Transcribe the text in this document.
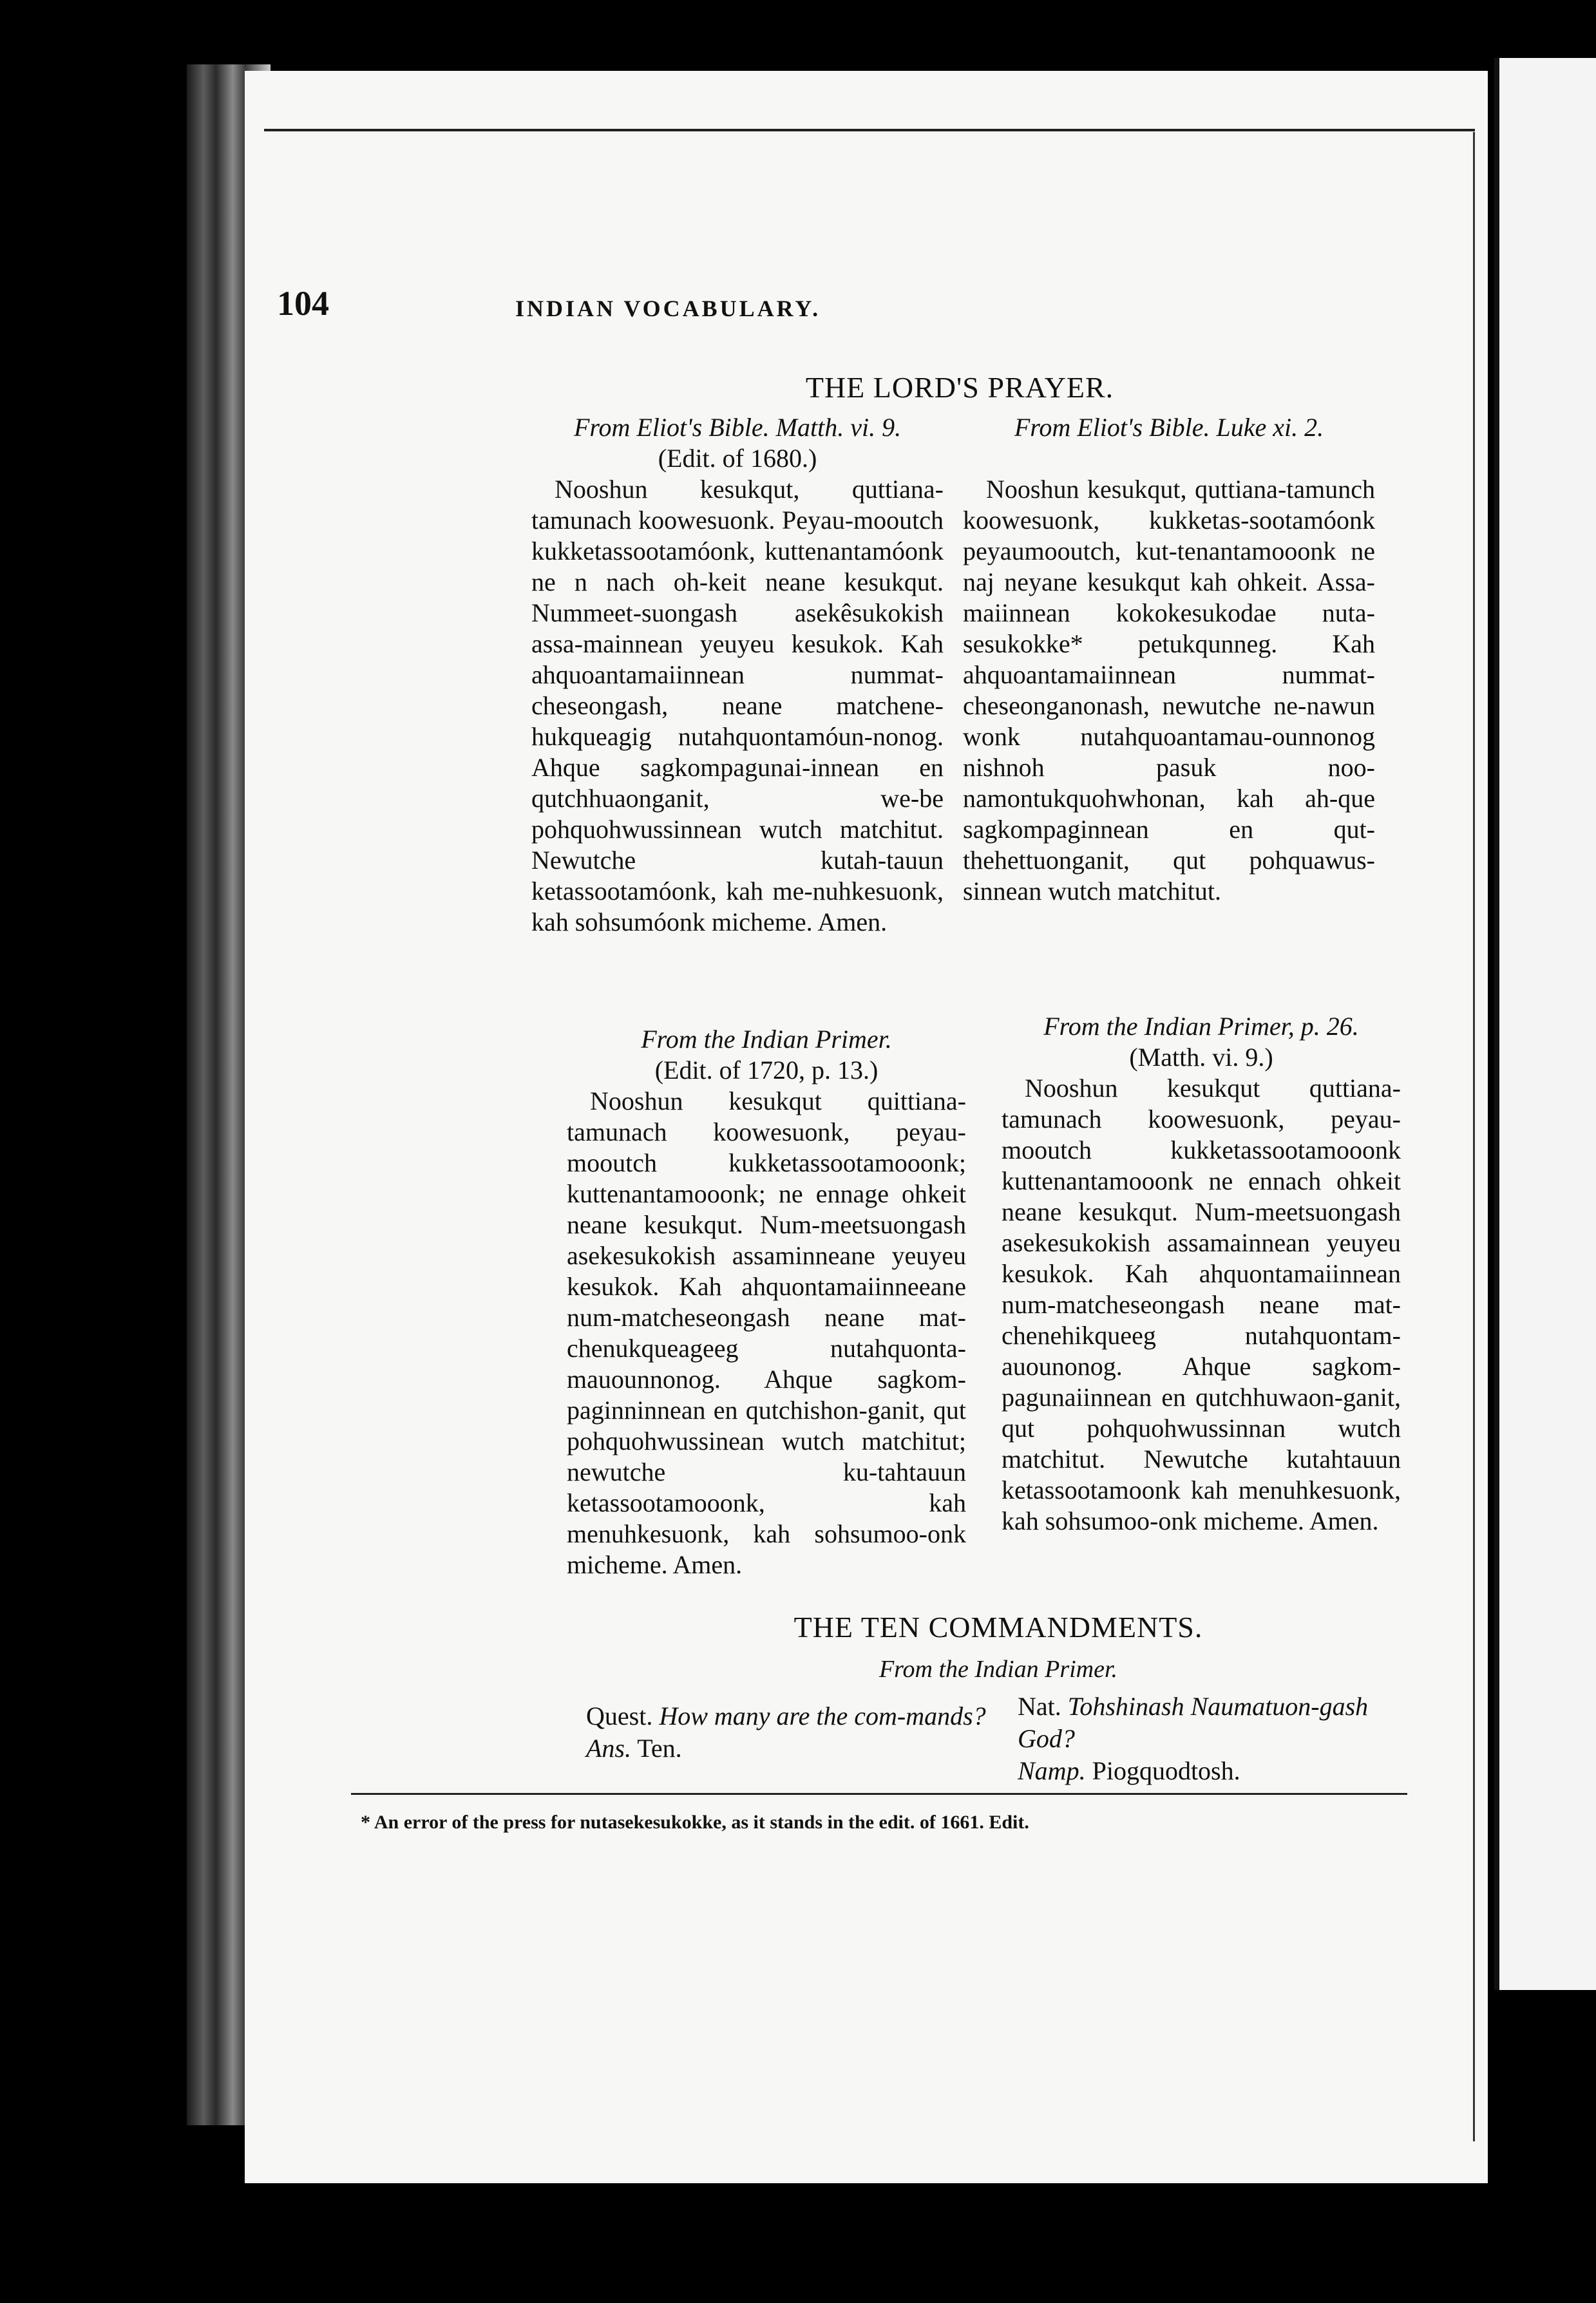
104	INDIAN VOCABULARY.
THE LORD'S PRAYER.

From Eliot's Bible. Matth. vi. 9.

(Edit. of 1680.)

Nooshun kesukqut, quttiana-tamunach koowesuonk. Peyau-mooutch kukketassootamóonk, kuttenantamóonk ne n nach oh-keit neane kesukqut. Nummeet-suongash asekêsukokish assa-mainnean yeuyeu kesukok. Kah ahquoantamaiinnean nummat-cheseongash, neane matchene-hukqueagig nutahquontamóun-nonog. Ahque sagkompagunai-innean en qutchhuaonganit, we-be pohquohwussinnean wutch matchitut. Newutche kutah-tauun ketassootamóonk, kah me-nuhkesuonk, kah sohsumóonk micheme. Amen.

From Eliot's Bible. Luke xi. 2.

Nooshun kesukqut, quttiana-tamunch koowesuonk, kukketas-sootamóonk peyaumooutch, kut-tenantamooonk ne naj neyane kesukqut kah ohkeit. Assa-maiinnean kokokesukodae nuta-sesukokke* petukqunneg. Kah ahquoantamaiinnean nummat-cheseonganonash, newutche ne-nawun wonk nutahquoantamau-ounnonog nishnoh pasuk noo-namontukquohwhonan, kah ah-que sagkompaginnean en qut-thehettuonganit, qut pohquawus-sinnean wutch matchitut.

From the Indian Primer.

(Edit. of 1720, p. 13.)

Nooshun kesukqut quittiana-tamunach koowesuonk, peyau-mooutch kukketassootamooonk; kuttenantamooonk; ne ennage ohkeit neane kesukqut. Num-meetsuongash asekesukokish assaminneane yeuyeu kesukok. Kah ahquontamaiinneeane num-matcheseongash neane mat-chenukqueageeg nutahquonta-mauounnonog. Ahque sagkom-paginninnean en qutchishon-ganit, qut pohquohwussinean wutch matchitut; newutche ku-tahtauun ketassootamooonk, kah menuhkesuonk, kah sohsumoo-onk micheme. Amen.

From the Indian Primer, p. 26.

(Matth. vi. 9.)

Nooshun kesukqut quttiana-tamunach koowesuonk, peyau-mooutch kukketassootamooonk kuttenantamooonk ne ennach ohkeit neane kesukqut. Num-meetsuongash asekesukokish assamainnean yeuyeu kesukok. Kah ahquontamaiinnean num-matcheseongash neane mat-chenehikqueeg nutahquontam-auounonog. Ahque sagkom-pagunaiinnean en qutchhuwaon-ganit, qut pohquohwussinnan wutch matchitut. Newutche kutahtauun ketassootamoonk kah menuhkesuonk, kah sohsumoo-onk micheme. Amen.

THE TEN COMMANDMENTS.
From the Indian Primer.
Quest. How many are the com-mands?
Ans. Ten.
Nat. Tohshinash Naumatuon-gash God?
Namp. Piogquodtosh.
* An error of the press for nutasekesukokke, as it stands in the edit. of 1661. Edit.
